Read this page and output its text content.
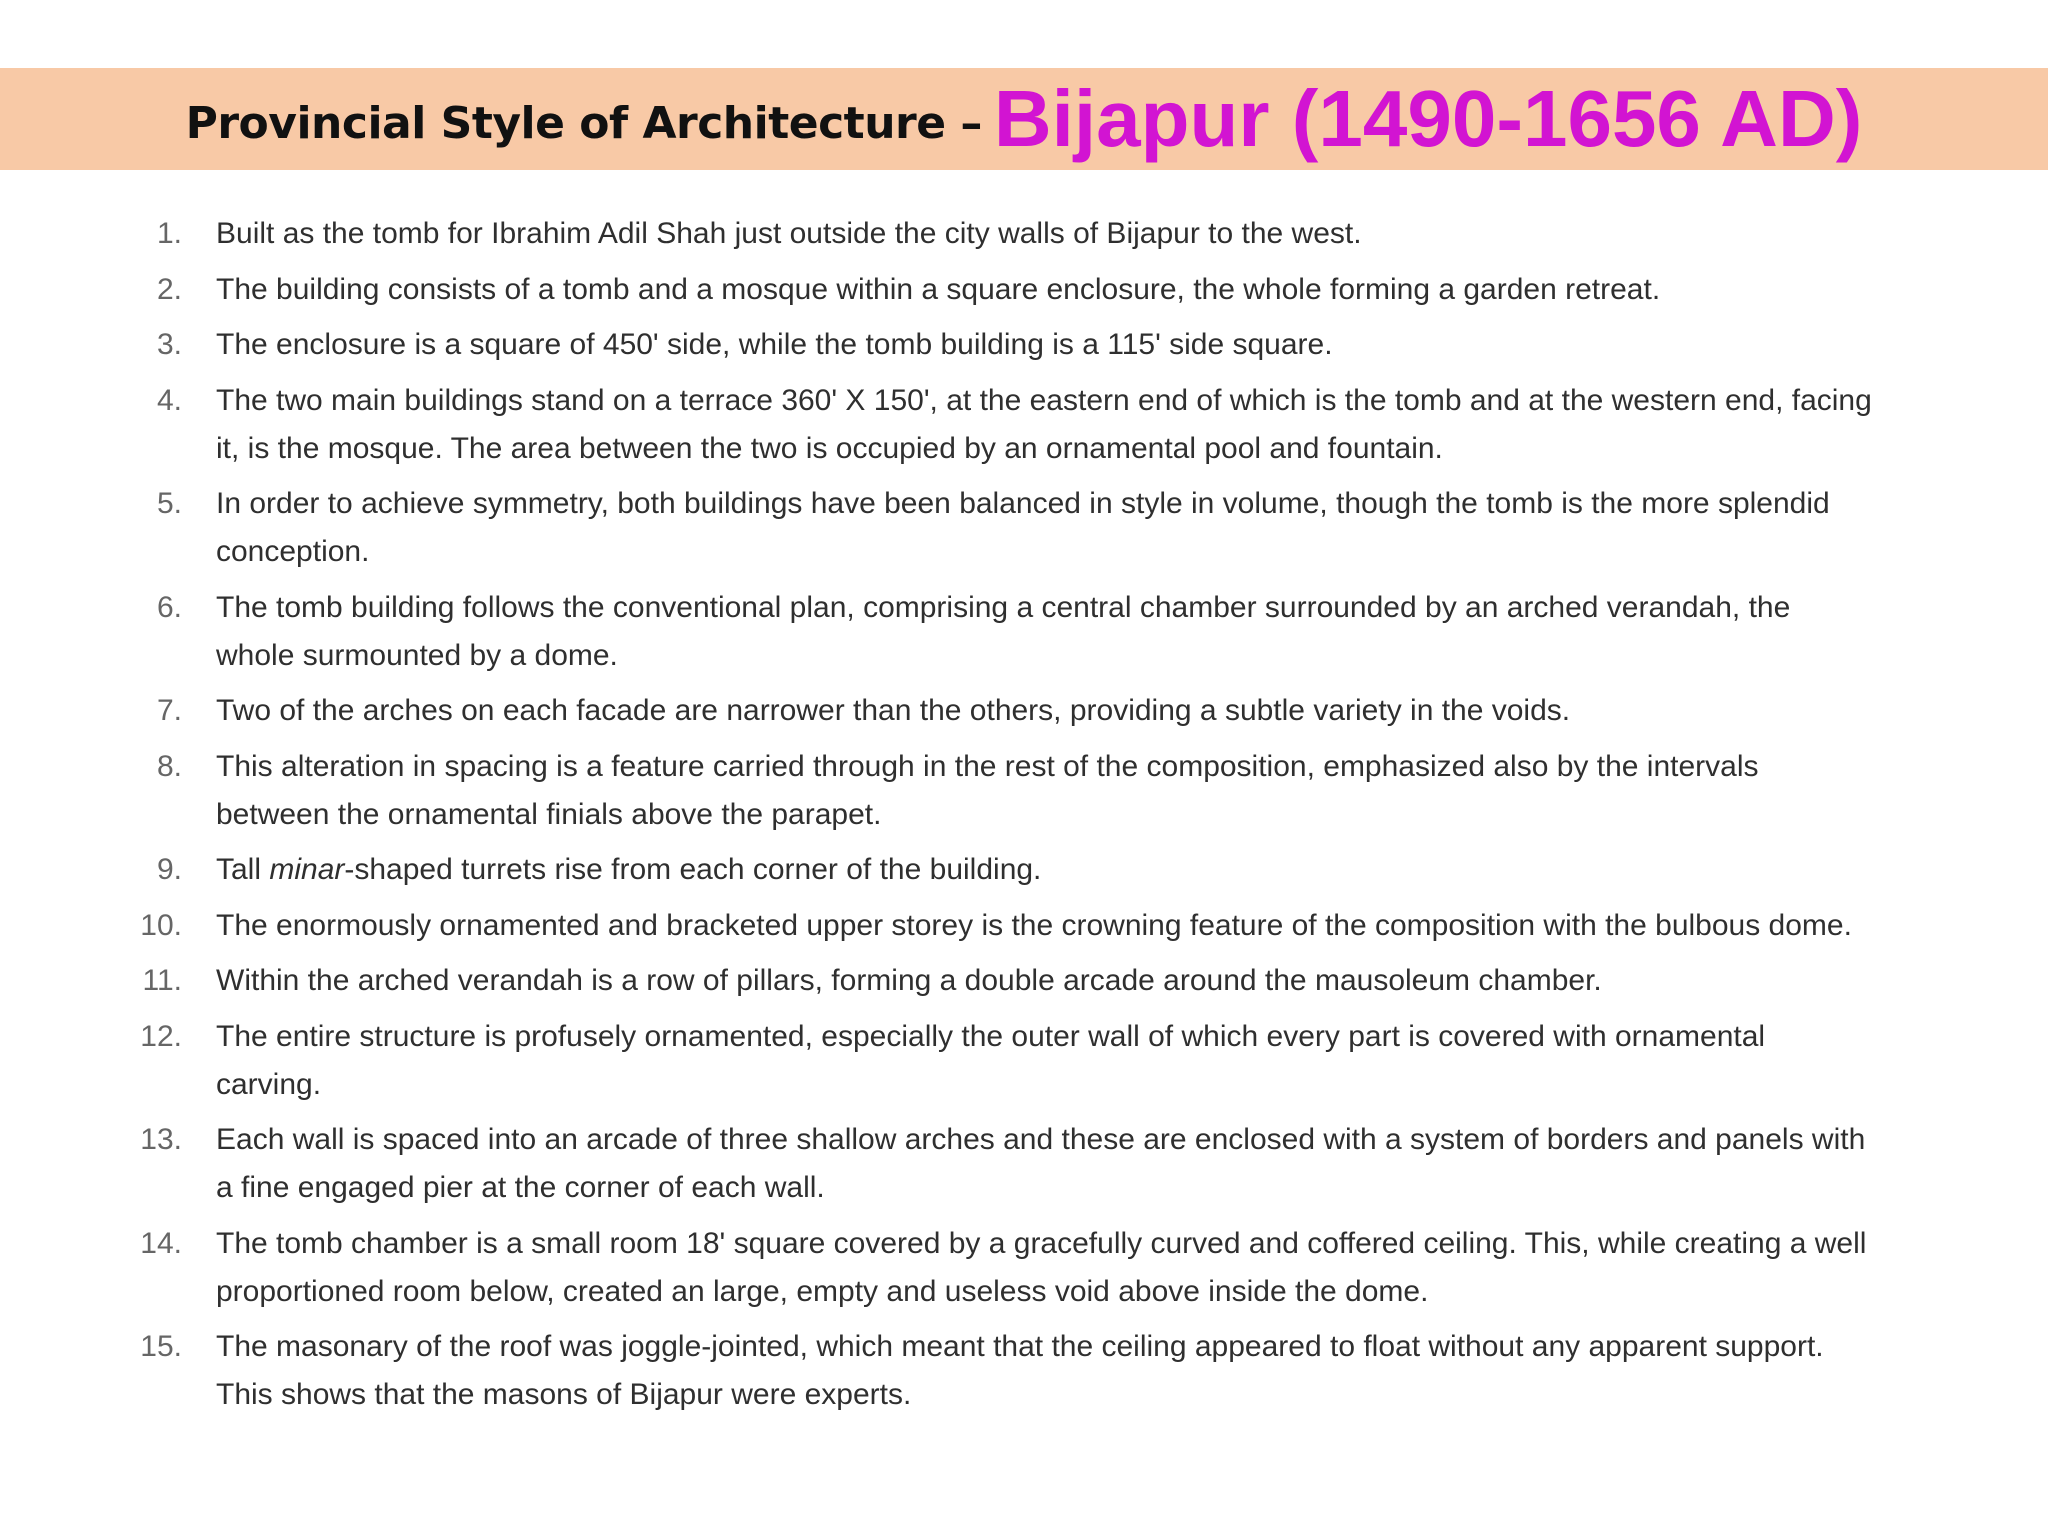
Provincial Style of Architecture – Bijapur (1490-1656 AD)
1. Built as the tomb for Ibrahim Adil Shah just outside the city walls of Bijapur to the west.
2. The building consists of a tomb and a mosque within a square enclosure, the whole forming a garden retreat.
3. The enclosure is a square of 450' side, while the tomb building is a 115' side square.
4. The two main buildings stand on a terrace 360' X 150', at the eastern end of which is the tomb and at the western end, facing it, is the mosque. The area between the two is occupied by an ornamental pool and fountain.
5. In order to achieve symmetry, both buildings have been balanced in style in volume, though the tomb is the more splendid conception.
6. The tomb building follows the conventional plan, comprising a central chamber surrounded by an arched verandah, the whole surmounted by a dome.
7. Two of the arches on each facade are narrower than the others, providing a subtle variety in the voids.
8. This alteration in spacing is a feature carried through in the rest of the composition, emphasized also by the intervals between the ornamental finials above the parapet.
9. Tall minar-shaped turrets rise from each corner of the building.
10. The enormously ornamented and bracketed upper storey is the crowning feature of the composition with the bulbous dome.
11. Within the arched verandah is a row of pillars, forming a double arcade around the mausoleum chamber.
12. The entire structure is profusely ornamented, especially the outer wall of which every part is covered with ornamental carving.
13. Each wall is spaced into an arcade of three shallow arches and these are enclosed with a system of borders and panels with a fine engaged pier at the corner of each wall.
14. The tomb chamber is a small room 18' square covered by a gracefully curved and coffered ceiling. This, while creating a well proportioned room below, created an large, empty and useless void above inside the dome.
15. The masonary of the roof was joggle-jointed, which meant that the ceiling appeared to float without any apparent support. This shows that the masons of Bijapur were experts.
